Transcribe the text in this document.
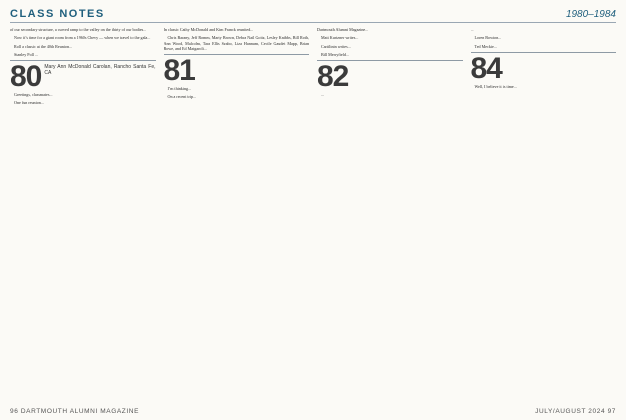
CLASS NOTES	1980–1984

of our secondary structure, a curved ramp to the valley on the thirty of our bodies...

Now it’s time for a giant room from a 1960s Chevy — when we travel to the gala...

Roll a classic at the 40th Reunion...

Stanley Poll ...

80 Mary Ann McDonald Carolan, Rancho Santa Fe, CA

Greetings, classmates...

One fun reunion...

In classic Cathy McDonald and Kim Franck reunited...

Chris Barany, Jeff Romm, Marty Brown, Debra Nail Goitz, Lesley Knibbs, Bill Roth, Ann Wood, Malcolm, Tara Ellis Szabo, Liza Hannum, Cecile Gaudet Mapp, Brian Bowe, and Ed Matgaroli...

81

I’m thinking...

On a recent trip...

Dartmouth Alumni Magazine...

Matt Kurtzner writes...

Cartilinin writes...

Bill Merryfield...

82

...

...

Loren Bowton...

Ted Meckie...

84

Well, I believe it is time...

96 DARTMOUTH ALUMNI MAGAZINE	JULY/AUGUST 2024 97
